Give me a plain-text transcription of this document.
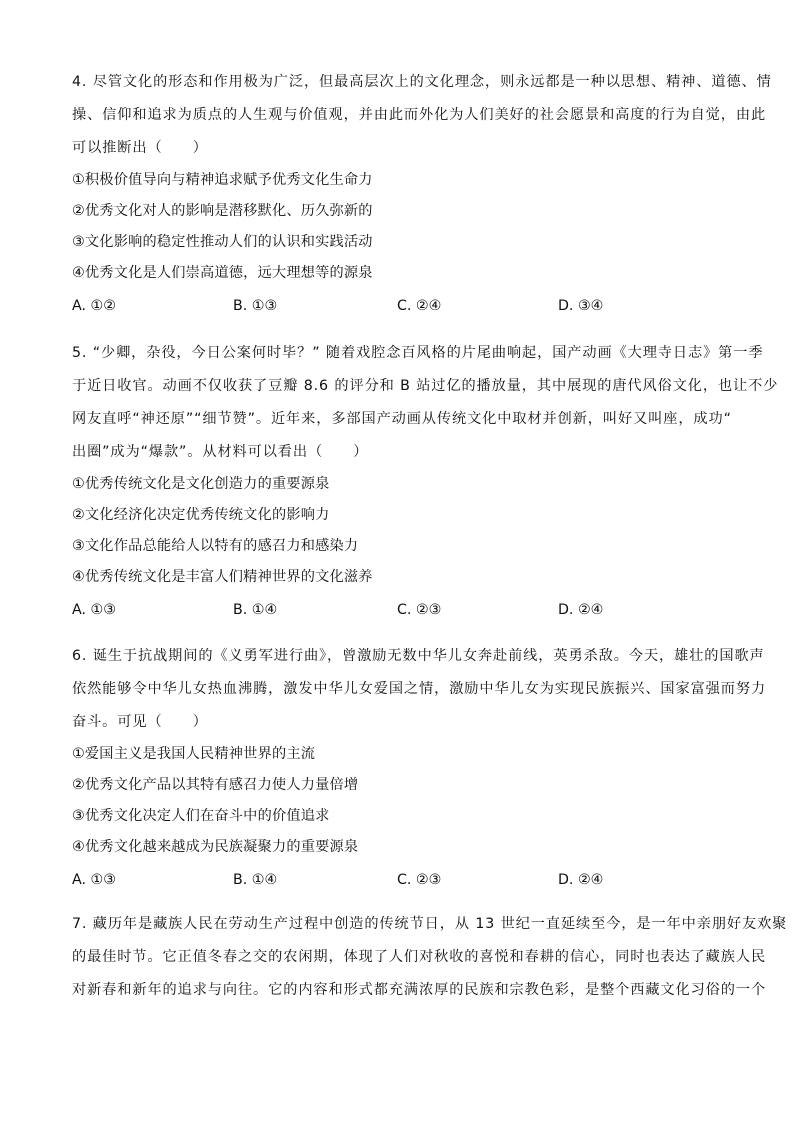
4. 尽管文化的形态和作用极为广泛，但最高层次上的文化理念，则永远都是一种以思想、精神、道德、情
操、信仰和追求为质点的人生观与价值观，并由此而外化为人们美好的社会愿景和高度的行为自觉，由此
可以推断出（　　）
①积极价值导向与精神追求赋予优秀文化生命力
②优秀文化对人的影响是潜移默化、历久弥新的
③文化影响的稳定性推动人们的认识和实践活动
④优秀文化是人们崇高道德，远大理想等的源泉
A. ①②	B. ①③	C. ②④	D. ③④
5. “少卿，杂役，今日公案何时毕？” 随着戏腔念百风格的片尾曲响起，国产动画《大理寺日志》第一季
于近日收官。动画不仅收获了豆瓣 8.6 的评分和 B 站过亿的播放量，其中展现的唐代风俗文化，也让不少
网友直呼“神还原”“细节赞”。近年来，多部国产动画从传统文化中取材并创新，叫好又叫座，成功“
出圈”成为“爆款”。从材料可以看出（　　）
①优秀传统文化是文化创造力的重要源泉
②文化经济化决定优秀传统文化的影响力
③文化作品总能给人以特有的感召力和感染力
④优秀传统文化是丰富人们精神世界的文化滋养
A. ①③	B. ①④	C. ②③	D. ②④
6. 诞生于抗战期间的《义勇军进行曲》，曾激励无数中华儿女奔赴前线，英勇杀敌。今天，雄壮的国歌声
依然能够令中华儿女热血沸腾，激发中华儿女爱国之情，激励中华儿女为实现民族振兴、国家富强而努力
奋斗。可见（　　）
①爱国主义是我国人民精神世界的主流
②优秀文化产品以其特有感召力使人力量倍增
③优秀文化决定人们在奋斗中的价值追求
④优秀文化越来越成为民族凝聚力的重要源泉
A. ①③	B. ①④	C. ②③	D. ②④
7. 藏历年是藏族人民在劳动生产过程中创造的传统节日，从 13 世纪一直延续至今，是一年中亲朋好友欢聚
的最佳时节。它正值冬春之交的农闲期，体现了人们对秋收的喜悦和春耕的信心，同时也表达了藏族人民
对新春和新年的追求与向往。它的内容和形式都充满浓厚的民族和宗教色彩，是整个西藏文化习俗的一个
